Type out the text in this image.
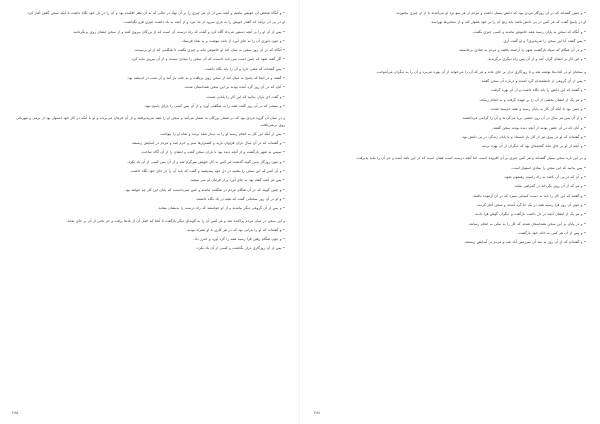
• و آنگاه شخص آن خویش بنامیم و آنچه پس از آن هر چیزی را بر آن نهاد در حالی که به آن نظر افکنده بود و آن را در دل خود نگاه داشت تا آنکه سخن گفتن آغاز کرد.

او در پی آن برآمد که گفتار خویش را به یاری سرود از یاد نبرد و از آنچه به یاد داشت چیزی فرو نگذاشت.

• پس از آن او را بر آنچه دستور می‌داد آگاه کرد و گفت که راه درست آن است که از بزرگان پیروی کنند و از سخن ایشان روی برنگردانند.

• و چون داوری آن را به جای آورد از نامه بنوشت و به شاه فرستاد.

• آنگاه که در آن روز سخن به میان آمد او خاموش ماند و چیزی نگفت تا هنگامی که از او پرسیدند.

• اگر گفته شود که چنین است پس باید دانست که آن سخن را بنیادی نیست و از آن پیروی نباید کرد.

• پس گفته‌اند که معنی دارد و آن را باید نگاه داشت.

• گفتند و در آنجا که پاسخ به میان آمد از سخن روی برتافت و به خانه باز آمد و آن شب در اندیشه بود.

• آنان که در آن روز گرد آمده بودند بر این سخن همداستان شدند.

• و گفت ای یاران بدانید که این کار را پایانی هست.

• و سخنی که در آن روز گفت همه را به شگفتی آورد و از آن پس کسی را یارای پاسخ نبود.

و در میان آن گروه مردی بود که در شمار بزرگان به شمار می‌آمد و سخن او را همه می‌پذیرفتند و از آن فرمان می‌بردند و او با آنکه در کار خود استوار بود از نرمی و مهربانی روی برنمی‌تافت.

• پس از آنکه این کار به انجام رسید او را به دیدار شاه بردند و شاه او را بنواخت.

• و گفته‌اند که در آن سال باران فراوان بارید و کشتزارها سبز و خرم شد و مردم در آسایش زیستند.

• سپس به شهر بازگشت و از آنچه دیده بود با یاران سخن گفت و ایشان را از آن آگاه ساخت.

• و چون روزگار بدین گونه گذشت هر کس به کار خویش سرگرم شد و از آن پس کسی از آن یاد نکرد.

• و آن کس که این سخن را بشنید در دل خود بیندیشید و گفت که باید آن را در جای خود نگاه داشت.

• پس هر آنچه گفته بود به جای آورد و از فرمان او سر نپیچید.

• و چنین گویند که در آن هنگام مردم در شگفت ماندند و کس نمی‌دانست که پایان این کار چه خواهد بود.

• و او در آن روز سخنانی گفت که همه در یاد نگاه داشتند.

• و پس از آن گروهی دیگر بیامدند و از او خواستند که راه درست را بدیشان بنماید.

و این سخن در میان مردم پراکنده شد و هر کس آن را به گونه‌ای دیگر بازگفت تا آنجا که اصل آن از یادها برفت و جز نامی از آن بر جای نماند.

• و گفته‌اند که او را یارانی بود که در هر کاری با او همراه بودند.

• و چون هنگام رفتن فرا رسید همه را گرد آورد و اندرز داد.

• پس از آن روزگاری دراز بگذشت و کسی از آن یاد نکرد.

٢٨٥

• و چنین گفته‌اند که در آن روزگار مردی بود که دانش بسیار داشت و مردم از هر سو نزد او می‌آمدند تا از او چیزی بیاموزند.

او در پاسخ گفت که هر کس در پی دانش باشد باید رنج آن را بر خود هموار کند و از سختی‌ها نهراسد.

• و آنگاه که سخن به پایان رسید همه خاموش ماندند و کسی چیزی نگفت.

• پس گفتند آیا این سخن را می‌پذیری؟ و او گفت آری.

• و در آن هنگام که سپاه بازگشت شهر را آراسته یافتند و مردم به شادی برخاستند.

• و این کار بر ایشان گران آمد و از آن پس راه دیگری برگزیدند.

و سخنان او در کتاب‌ها نوشته شد و تا روزگاری دراز بر جای ماند و هر که آن را می‌خواند از آن بهره می‌برد و آن را به دیگران می‌آموخت.

• پس از آن گروهی از دانشمندان گرد آمدند و درباره آن سخن گفتند.

• و گفتند که این دانش را باید نگاه داشت و از آن بهره گرفت.

• و هر یک از ایشان بخشی از آن را بر عهده گرفت و به انجام رساند.

• و چنین بود تا آنکه آن کار به پایان رسید و همه خرسند شدند.

• و از آن پس هر سال در آن روز جشنی برپا می‌کردند و آن را گرامی می‌داشتند.

• و آنان که در آن جشن بودند از آنچه دیده بودند سخن گفتند.

• و گفته‌اند که او در پیری نیز از کار باز نایستاد و تا پایان زندگی در پی دانش بود.

• و آنچه از او بر جای ماند گنجینه‌ای بود که دیگران از آن بهره بردند.

و در این باره سخن بسیار گفته‌اند و هر کس چیزی بر آن افزوده است، اما آنچه درست است همان است که در این نامه آمده و جز آن را نباید پذیرفت.

• پس بدانید که این سخن را بنیادی استوار است.

• و آن که در پی آن باشد به راه راست رهنمون شود.

• و هر که از آن روی بگرداند در گمراهی بماند.

• و گفتند که این کار را باید به دست کسانی سپرد که در آن آزموده باشند.

• و چون آن روز فرا رسید همه در یک جا گرد آمدند و سخن آغاز کردند.

• و هر یک از ایشان آنچه در دل داشت بازگفت و دیگران گوش فرا دادند.

• و در پایان بر این سخن همداستان شدند که کار را به نیکی به انجام رسانند.

• و پس از آن هر کس به خانه خود بازگشت.

• و گفته‌اند که از آن روز به بعد آن سرزمین آباد شد و مردم در آسایش زیستند.

٢٨٤
